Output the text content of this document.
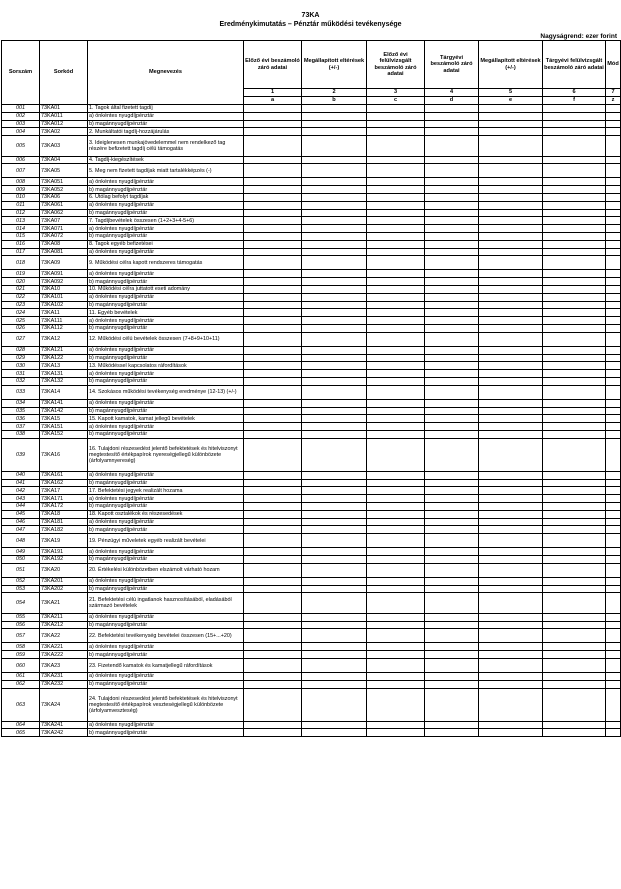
73KA
Eredménykimutatás – Pénztár működési tevékenysége
Nagyságrend: ezer forint
Sorszám	Sorkód	Megnevezés	Előző évi beszámoló záró adatai	Megállapított eltérések (+/-)	Előző évi felülvizsgált beszámoló záró adatai	Tárgyévi beszámoló záró adatai	Megállapított eltérések (+/-)	Tárgyévi felülvizsgált beszámoló záró adatai	Mód
			1	2	3	4	5	6	7
			a	b	c	d	e	f	z
001	73KA01	1. Tagok által fizetett tagdíj							
002	73KA011	a) önkéntes nyugdíjpénztár							
003	73KA012	b) magánnyugdíjpénztár							
004	73KA02	2. Munkáltatói tagdíj-hozzájárulás							
005	73KA03	3. Ideiglenesen munkajövedelemmel nem rendelkező tag részére befizetett tagdíj célú támogatás							
006	73KA04	4. Tagdíj-kiegészítések							
007	73KA05	5. Meg nem fizetett tagdíjak miatt tartalékképzés (-)							
008	73KA051	a) önkéntes nyugdíjpénztár							
009	73KA052	b) magánnyugdíjpénztár							
010	73KA06	6. Utólag befolyt tagdíjak							
011	73KA061	a) önkéntes nyugdíjpénztár							
012	73KA062	b) magánnyugdíjpénztár							
013	73KA07	7. Tagdíjbevételek összesen (1+2+3+4-5+6)							
014	73KA071	a) önkéntes nyugdíjpénztár							
015	73KA072	b) magánnyugdíjpénztár							
016	73KA08	8. Tagok egyéb befizetései							
017	73KA081	a) önkéntes nyugdíjpénztár							
018	73KA09	9. Működési célra kapott rendszeres támogatás							
019	73KA091	a) önkéntes nyugdíjpénztár							
020	73KA092	b) magánnyugdíjpénztár							
021	73KA10	10. Működési célra juttatott eseti adomány							
022	73KA101	a) önkéntes nyugdíjpénztár							
023	73KA102	b) magánnyugdíjpénztár							
024	73KA11	11. Egyéb bevételek							
025	73KA111	a) önkéntes nyugdíjpénztár							
026	73KA112	b) magánnyugdíjpénztár							
027	73KA12	12. Működési célú bevételek összesen (7+8+9+10+11)							
028	73KA121	a) önkéntes nyugdíjpénztár							
029	73KA122	b) magánnyugdíjpénztár							
030	73KA13	13. Működéssel kapcsolatos ráfordítások							
031	73KA131	a) önkéntes nyugdíjpénztár							
032	73KA132	b) magánnyugdíjpénztár							
033	73KA14	14. Szokásos működési tevékenység eredménye (12-13) (+/-)							
034	73KA141	a) önkéntes nyugdíjpénztár							
035	73KA142	b) magánnyugdíjpénztár							
036	73KA15	15. Kapott kamatok, kamat jellegű bevételek							
037	73KA151	a) önkéntes nyugdíjpénztár							
038	73KA152	b) magánnyugdíjpénztár							
039	73KA16	16. Tulajdoni részesedést jelentő befektetések és hitelviszonyt megtestesítő értékpapírok nyereségjellegű különbözete (árfolyamnyereség)							
040	73KA161	a) önkéntes nyugdíjpénztár							
041	73KA162	b) magánnyugdíjpénztár							
042	73KA17	17. Befektetési jegyek realizált hozama							
043	73KA171	a) önkéntes nyugdíjpénztár							
044	73KA172	b) magánnyugdíjpénztár							
045	73KA18	18. Kapott osztalékok és részesedések							
046	73KA181	a) önkéntes nyugdíjpénztár							
047	73KA182	b) magánnyugdíjpénztár							
048	73KA19	19. Pénzügyi műveletek egyéb realizált bevételei							
049	73KA191	a) önkéntes nyugdíjpénztár							
050	73KA192	b) magánnyugdíjpénztár							
051	73KA20	20. Értékelési különbözetben elszámolt várható hozam							
052	73KA201	a) önkéntes nyugdíjpénztár							
053	73KA202	b) magánnyugdíjpénztár							
054	73KA21	21. Befektetési célú ingatlanok hasznosításából, eladásából származó bevételek							
055	73KA211	a) önkéntes nyugdíjpénztár							
056	73KA212	b) magánnyugdíjpénztár							
057	73KA22	22. Befektetési tevékenység bevételei összesen (15+...+20)							
058	73KA221	a) önkéntes nyugdíjpénztár							
059	73KA222	b) magánnyugdíjpénztár							
060	73KA23	23. Fizetendő kamatok és kamatjellegű ráfordítások							
061	73KA231	a) önkéntes nyugdíjpénztár							
062	73KA232	b) magánnyugdíjpénztár							
063	73KA24	24. Tulajdoni részesedést jelentő befektetések és hitelviszonyt megtestesítő értékpapírok veszteségjellegű különbözete (árfolyamveszteség)							
064	73KA241	a) önkéntes nyugdíjpénztár							
065	73KA242	b) magánnyugdíjpénztár							
